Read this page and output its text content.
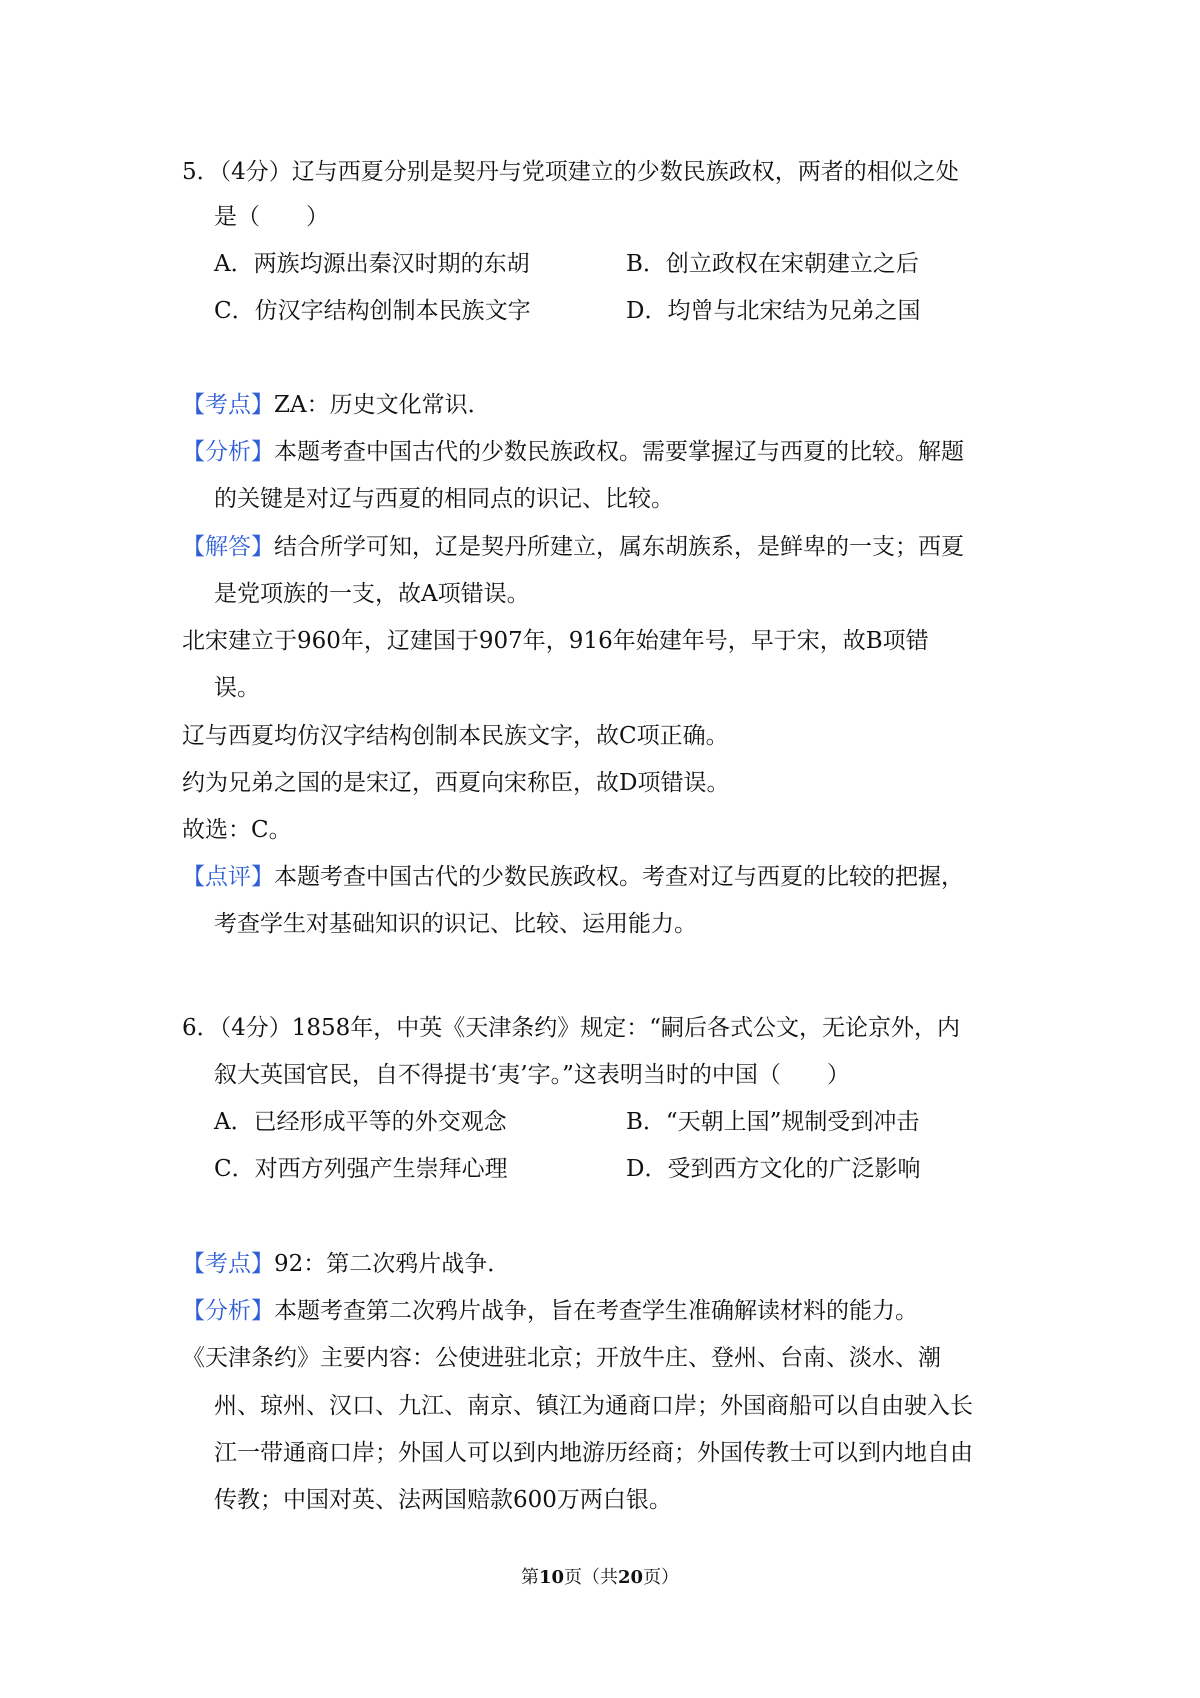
5．（4分）辽与西夏分别是契丹与党项建立的少数民族政权，两者的相似之处
是（　　）
A．两族均源出秦汉时期的东胡	B．创立政权在宋朝建立之后
C．仿汉字结构创制本民族文字	D．均曾与北宋结为兄弟之国
【考点】ZA：历史文化常识．
【分析】本题考查中国古代的少数民族政权。需要掌握辽与西夏的比较。解题
的关键是对辽与西夏的相同点的识记、比较。
【解答】结合所学可知，辽是契丹所建立，属东胡族系，是鲜卑的一支；西夏
是党项族的一支，故A项错误。
北宋建立于960年，辽建国于907年，916年始建年号，早于宋，故B项错
误。
辽与西夏均仿汉字结构创制本民族文字，故C项正确。
约为兄弟之国的是宋辽，西夏向宋称臣，故D项错误。
故选：C。
【点评】本题考查中国古代的少数民族政权。考查对辽与西夏的比较的把握，
考查学生对基础知识的识记、比较、运用能力。
6．（4分）1858年，中英《天津条约》规定：“嗣后各式公文，无论京外，内
叙大英国官民，自不得提书‘夷’字。”这表明当时的中国（　　）
A．已经形成平等的外交观念	B．“天朝上国”规制受到冲击
C．对西方列强产生崇拜心理	D．受到西方文化的广泛影响
【考点】92：第二次鸦片战争．
【分析】本题考查第二次鸦片战争，旨在考查学生准确解读材料的能力。
《天津条约》主要内容：公使进驻北京；开放牛庄、登州、台南、淡水、潮
州、琼州、汉口、九江、南京、镇江为通商口岸；外国商船可以自由驶入长
江一带通商口岸；外国人可以到内地游历经商；外国传教士可以到内地自由
传教；中国对英、法两国赔款600万两白银。
第10页（共20页）
